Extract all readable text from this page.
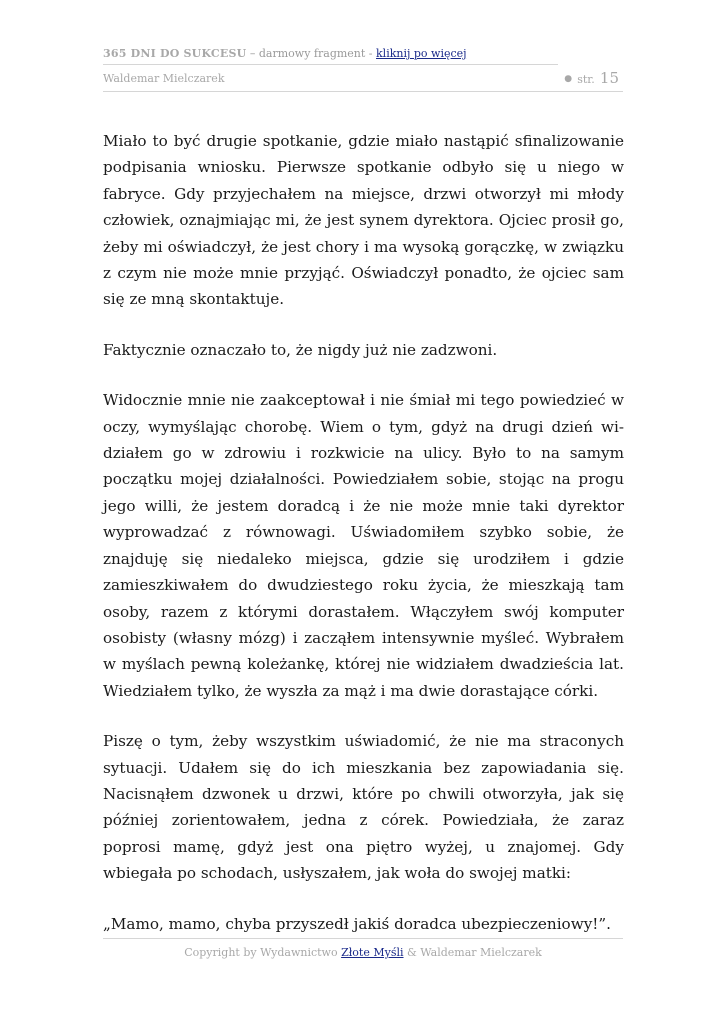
365 DNI DO SUKCESU – darmowy fragment - kliknij po więcej
Waldemar Mielczarek	● str. 15

Miało to być drugie spotkanie, gdzie miało nastąpić sfinalizowanie podpisania wniosku. Pierwsze spotkanie odbyło się u niego w fabryce. Gdy przyjechałem na miejsce, drzwi otworzył mi młody człowiek, oznajmiając mi, że jest synem dyrektora. Ojciec prosił go, żeby mi oświadczył, że jest chory i ma wysoką gorączkę, w związku z czym nie może mnie przyjąć. Oświadczył ponadto, że ojciec sam się ze mną skontaktuje.

Faktycznie oznaczało to, że nigdy już nie zadzwoni.

Widocznie mnie nie zaakceptował i nie śmiał mi tego powiedzieć w oczy, wymyślając chorobę. Wiem o tym, gdyż na drugi dzień widziałem go w zdrowiu i rozkwicie na ulicy. Było to na samym początku mojej działalności. Powiedziałem sobie, stojąc na progu jego willi, że jestem doradcą i że nie może mnie taki dyrektor wyprowadzać z równowagi. Uświadomiłem szybko sobie, że znajduję się niedaleko miejsca, gdzie się urodziłem i gdzie zamieszkiwałem do dwudziestego roku życia, że mieszkają tam osoby, razem z którymi dorastałem. Włączyłem swój komputer osobisty (własny mózg) i zacząłem intensywnie myśleć. Wybrałem w myślach pewną koleżankę, której nie widziałem dwadzieścia lat. Wiedziałem tylko, że wyszła za mąż i ma dwie dorastające córki.

Piszę o tym, żeby wszystkim uświadomić, że nie ma straconych sytuacji. Udałem się do ich mieszkania bez zapowiadania się. Nacisnąłem dzwonek u drzwi, które po chwili otworzyła, jak się później zorientowałem, jedna z córek. Powiedziała, że zaraz poprosi mamę, gdyż jest ona piętro wyżej, u znajomej. Gdy wbiegała po schodach, usłyszałem, jak woła do swojej matki:

„Mamo, mamo, chyba przyszedł jakiś doradca ubezpieczeniowy!”.

Copyright by Wydawnictwo Złote Myśli & Waldemar Mielczarek
